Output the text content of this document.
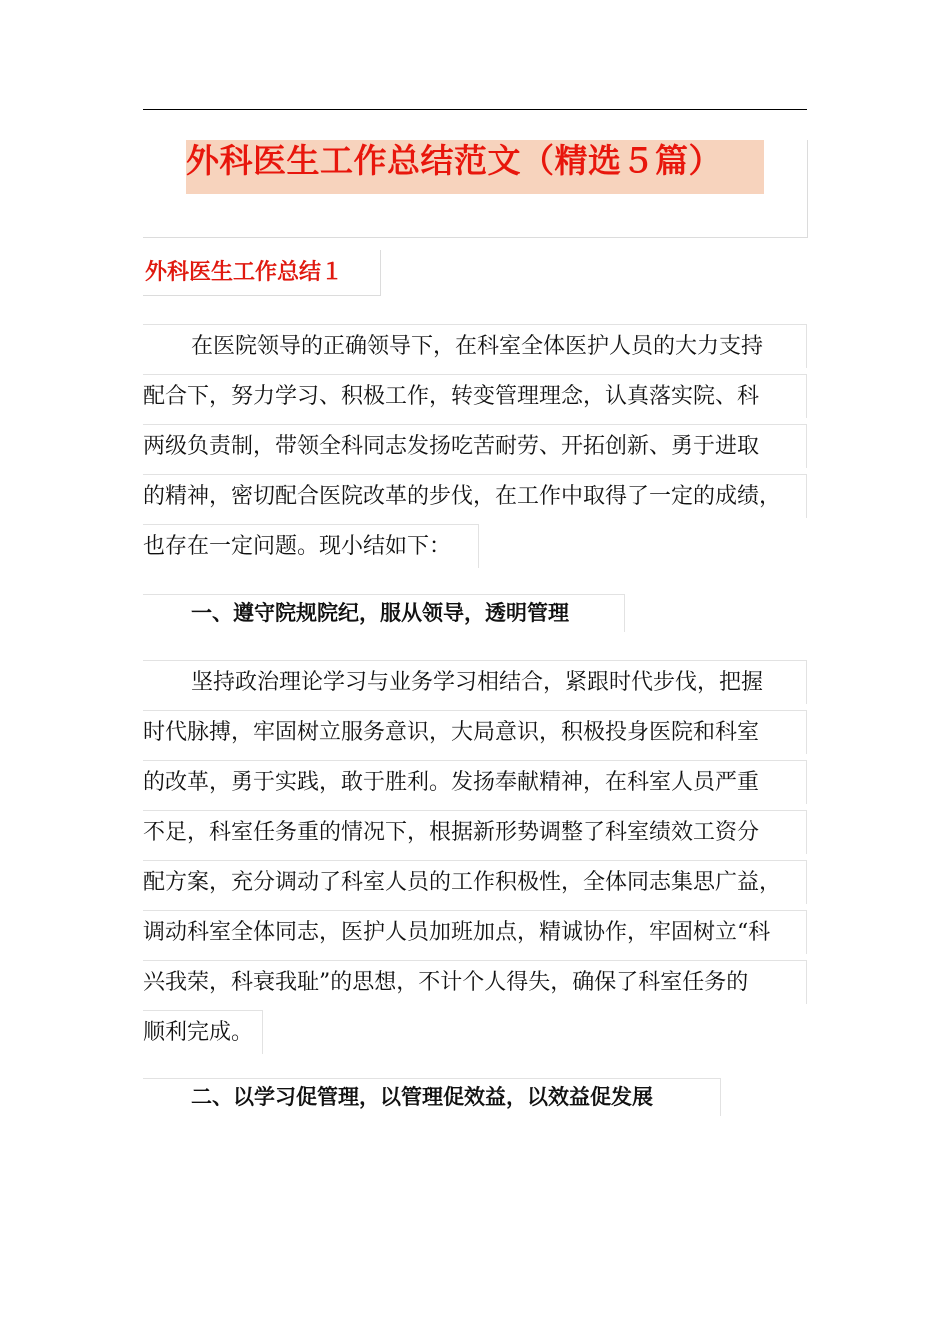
外科医生工作总结范文（精选５篇）
外科医生工作总结１
在医院领导的正确领导下，在科室全体医护人员的大力支持
配合下，努力学习、积极工作，转变管理理念，认真落实院、科
两级负责制，带领全科同志发扬吃苦耐劳、开拓创新、勇于进取
的精神，密切配合医院改革的步伐，在工作中取得了一定的成绩，
也存在一定问题。现小结如下：
一、遵守院规院纪，服从领导，透明管理
坚持政治理论学习与业务学习相结合，紧跟时代步伐，把握
时代脉搏，牢固树立服务意识，大局意识，积极投身医院和科室
的改革，勇于实践，敢于胜利。发扬奉献精神，在科室人员严重
不足，科室任务重的情况下，根据新形势调整了科室绩效工资分
配方案，充分调动了科室人员的工作积极性，全体同志集思广益，
调动科室全体同志，医护人员加班加点，精诚协作，牢固树立“科
兴我荣，科衰我耻”的思想，不计个人得失，确保了科室任务的
顺利完成。
二、以学习促管理，以管理促效益，以效益促发展
